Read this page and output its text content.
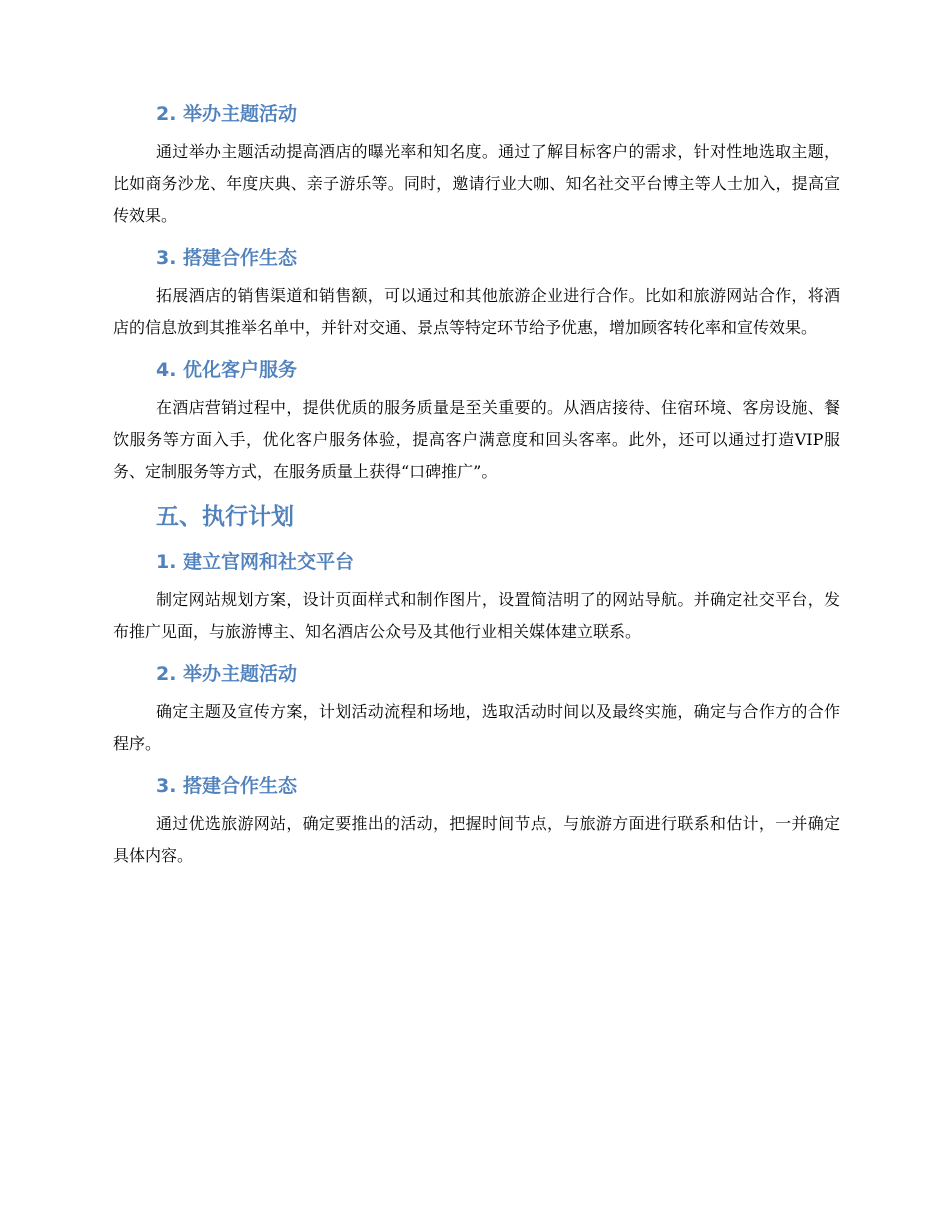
2. 举办主题活动

通过举办主题活动提高酒店的曝光率和知名度。通过了解目标客户的需求，针对性地选取主题，比如商务沙龙、年度庆典、亲子游乐等。同时，邀请行业大咖、知名社交平台博主等人士加入，提高宣传效果。

3. 搭建合作生态

拓展酒店的销售渠道和销售额，可以通过和其他旅游企业进行合作。比如和旅游网站合作，将酒店的信息放到其推举名单中，并针对交通、景点等特定环节给予优惠，增加顾客转化率和宣传效果。

4. 优化客户服务

在酒店营销过程中，提供优质的服务质量是至关重要的。从酒店接待、住宿环境、客房设施、餐饮服务等方面入手，优化客户服务体验，提高客户满意度和回头客率。此外，还可以通过打造VIP服务、定制服务等方式，在服务质量上获得“口碑推广”。

五、执行计划
1. 建立官网和社交平台

制定网站规划方案，设计页面样式和制作图片，设置简洁明了的网站导航。并确定社交平台，发布推广见面，与旅游博主、知名酒店公众号及其他行业相关媒体建立联系。

2. 举办主题活动

确定主题及宣传方案，计划活动流程和场地，选取活动时间以及最终实施，确定与合作方的合作程序。

3. 搭建合作生态

通过优选旅游网站，确定要推出的活动，把握时间节点，与旅游方面进行联系和估计，一并确定具体内容。
